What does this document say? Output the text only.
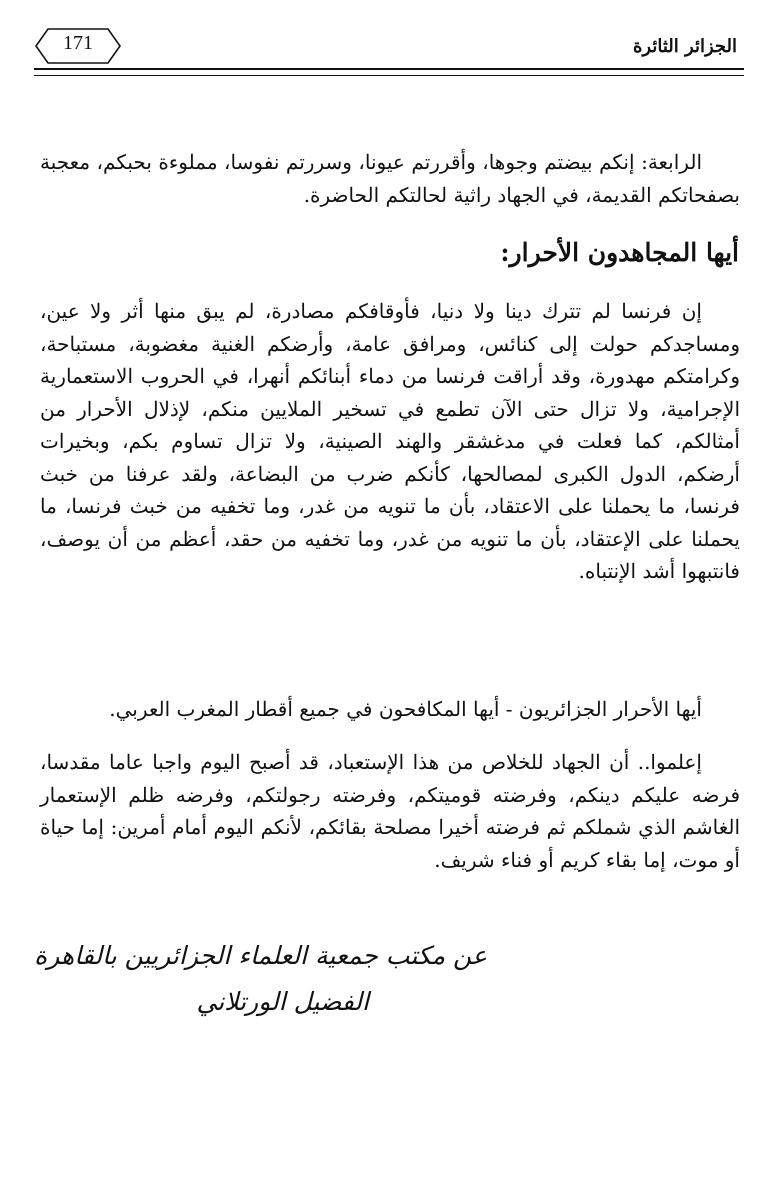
الجزائر الثائرة
171

الرابعة: إنكم بيضتم وجوها، وأقررتم عيونا، وسررتم نفوسا، مملوءة بحبكم، معجبة بصفحاتكم القديمة، في الجهاد راثية لحالتكم الحاضرة.

أيها المجاهدون الأحرار:

إن فرنسا لم تترك دينا ولا دنيا، فأوقافكم مصادرة، لم يبق منها أثر ولا عين، ومساجدكم حولت إلى كنائس، ومرافق عامة، وأرضكم الغنية مغضوبة، مستباحة، وكرامتكم مهدورة، وقد أراقت فرنسا من دماء أبنائكم أنهرا، في الحروب الاستعمارية الإجرامية، ولا تزال حتى الآن تطمع في تسخير الملايين منكم، لإذلال الأحرار من أمثالكم، كما فعلت في مدغشقر والهند الصينية، ولا تزال تساوم بكم، وبخيرات أرضكم، الدول الكبرى لمصالحها، كأنكم ضرب من البضاعة، ولقد عرفنا من خبث فرنسا، ما يحملنا على الاعتقاد، بأن ما تنويه من غدر، وما تخفيه من خبث فرنسا، ما يحملنا على الإعتقاد، بأن ما تنويه من غدر، وما تخفيه من حقد، أعظم من أن يوصف، فانتبهوا أشد الإنتباه.

أيها الأحرار الجزائريون - أيها المكافحون في جميع أقطار المغرب العربي.

إعلموا.. أن الجهاد للخلاص من هذا الإستعباد، قد أصبح اليوم واجبا عاما مقدسا، فرضه عليكم دينكم، وفرضته قوميتكم، وفرضته رجولتكم، وفرضه ظلم الإستعمار الغاشم الذي شملكم ثم فرضته أخيرا مصلحة بقائكم، لأنكم اليوم أمام أمرين: إما حياة أو موت، إما بقاء كريم أو فناء شريف.

عن مكتب جمعية العلماء الجزائريين بالقاهرة
الفضيل الورتلاني
